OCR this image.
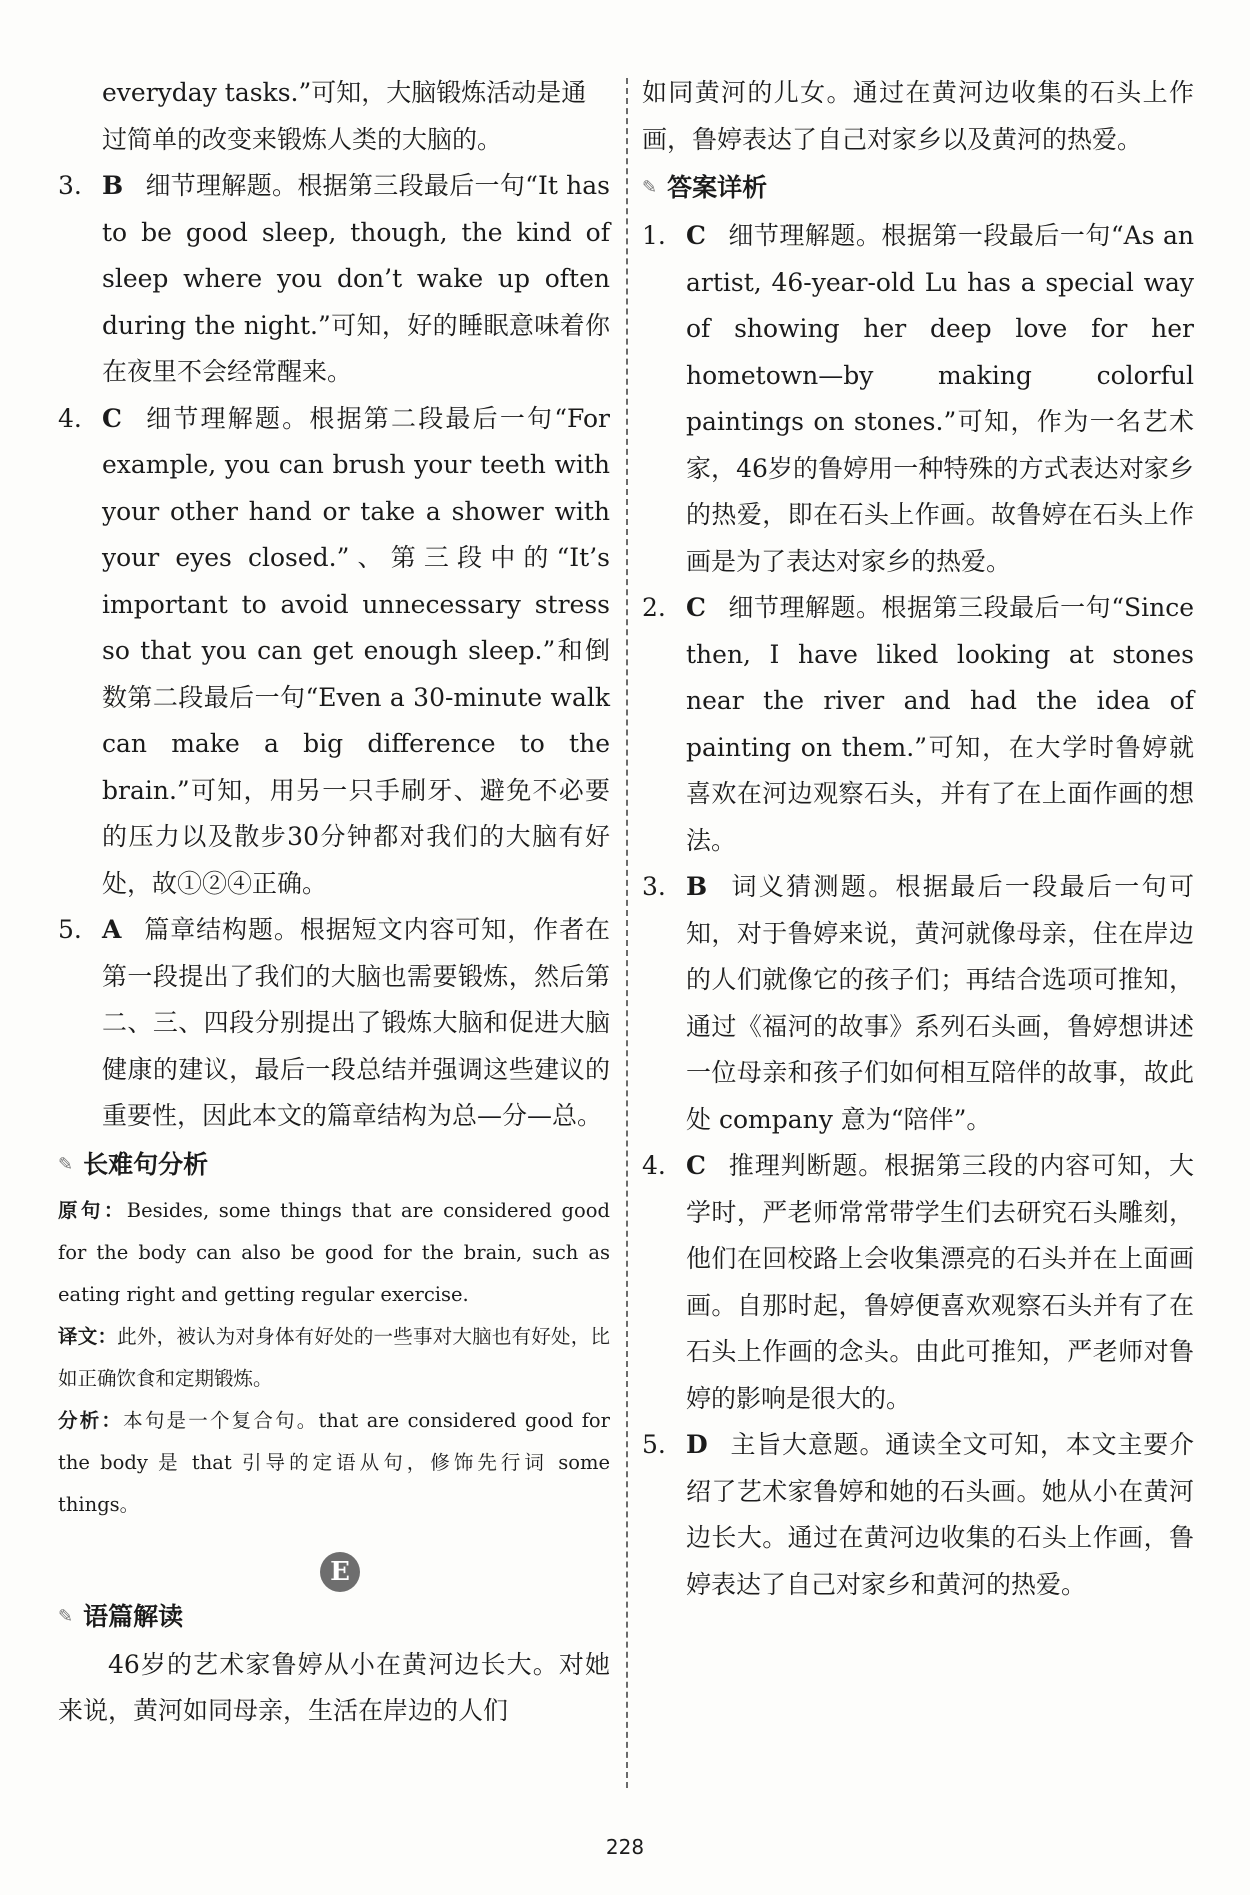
everyday tasks.”可知，大脑锻炼活动是通

过简单的改变来锻炼人类的大脑的。

3. B 细节理解题。根据第三段最后一句“It has to be good sleep, though, the kind of sleep where you don’t wake up often during the night.”可知，好的睡眠意味着你在夜里不会经常醒来。
4. C 细节理解题。根据第二段最后一句“For example, you can brush your teeth with your other hand or take a shower with your eyes closed.”、第三段中的“It’s important to avoid unnecessary stress so that you can get enough sleep.”和倒数第二段最后一句“Even a 30-minute walk can make a big difference to the brain.”可知，用另一只手刷牙、避免不必要的压力以及散步30分钟都对我们的大脑有好处，故①②④正确。
5. A 篇章结构题。根据短文内容可知，作者在第一段提出了我们的大脑也需要锻炼，然后第二、三、四段分别提出了锻炼大脑和促进大脑健康的建议，最后一段总结并强调这些建议的重要性，因此本文的篇章结构为总—分—总。
✎ 长难句分析

原句：Besides, some things that are considered good for the body can also be good for the brain, such as eating right and getting regular exercise.

译文：此外，被认为对身体有好处的一些事对大脑也有好处，比如正确饮食和定期锻炼。

分析：本句是一个复合句。that are considered good for the body 是 that 引导的定语从句，修饰先行词 some things。

E
✎ 语篇解读

46岁的艺术家鲁婷从小在黄河边长大。对她来说，黄河如同母亲，生活在岸边的人们

如同黄河的儿女。通过在黄河边收集的石头上作画，鲁婷表达了自己对家乡以及黄河的热爱。

✎ 答案详析
1. C 细节理解题。根据第一段最后一句“As an artist, 46-year-old Lu has a special way of showing her deep love for her hometown—by making colorful paintings on stones.”可知，作为一名艺术家，46岁的鲁婷用一种特殊的方式表达对家乡的热爱，即在石头上作画。故鲁婷在石头上作画是为了表达对家乡的热爱。
2. C 细节理解题。根据第三段最后一句“Since then, I have liked looking at stones near the river and had the idea of painting on them.”可知，在大学时鲁婷就喜欢在河边观察石头，并有了在上面作画的想法。
3. B 词义猜测题。根据最后一段最后一句可知，对于鲁婷来说，黄河就像母亲，住在岸边的人们就像它的孩子们；再结合选项可推知，通过《福河的故事》系列石头画，鲁婷想讲述一位母亲和孩子们如何相互陪伴的故事，故此处 company 意为“陪伴”。
4. C 推理判断题。根据第三段的内容可知，大学时，严老师常常带学生们去研究石头雕刻，他们在回校路上会收集漂亮的石头并在上面画画。自那时起，鲁婷便喜欢观察石头并有了在石头上作画的念头。由此可推知，严老师对鲁婷的影响是很大的。
5. D 主旨大意题。通读全文可知，本文主要介绍了艺术家鲁婷和她的石头画。她从小在黄河边长大。通过在黄河边收集的石头上作画，鲁婷表达了自己对家乡和黄河的热爱。
228
